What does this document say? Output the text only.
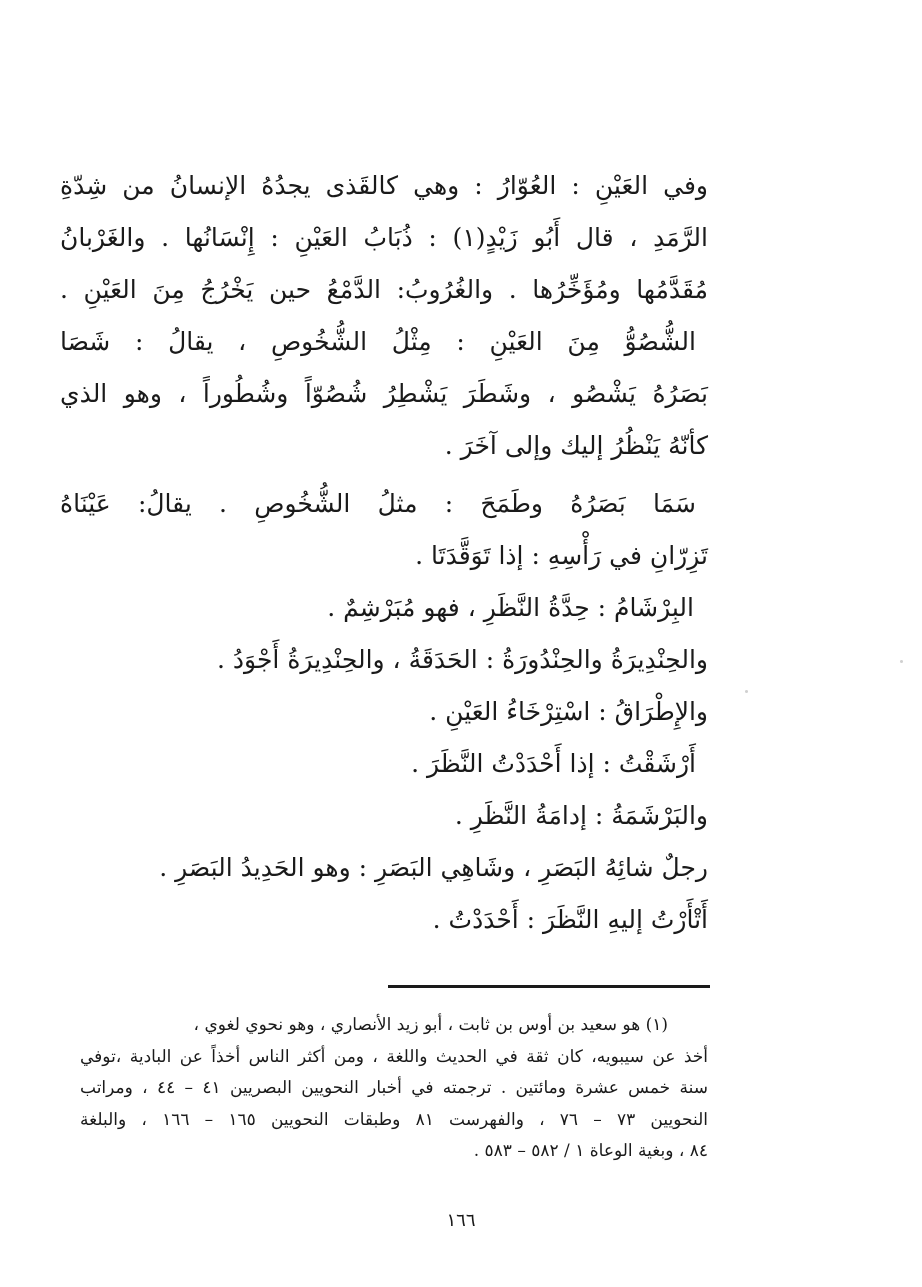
وفي العَيْنِ : العُوّارُ : وهي كالقَذى يجدُهُ الإنسانُ من شِدّةِ
الرَّمَدِ ، قال أَبُو زَيْدٍ(١) : ذُبَابُ العَيْنِ : إِنْسَانُها . والغَرْبانُ
مُقَدَّمُها ومُؤَخِّرُها . والغُرُوبُ: الدَّمْعُ حين يَخْرُجُ مِنَ العَيْنِ .
الشُّصُوُّ مِنَ العَيْنِ : مِثْلُ الشُّخُوصِ ، يقالُ : شَصَا
بَصَرُهُ يَشْصُو ، وشَطَرَ يَشْطِرُ شُصُوّاً وشُطُوراً ، وهو الذي
كأنّهُ يَنْظُرُ إليك وإلى آخَرَ .
سَمَا بَصَرُهُ وطَمَحَ : مثلُ الشُّخُوصِ . يقالُ: عَيْنَاهُ
تَزِرّانِ في رَأْسِهِ : إذا تَوَقَّدَتَا .
البِرْشَامُ : حِدَّةُ النَّظَرِ ، فهو مُبَرْشِمٌ .
والحِنْدِيرَةُ والحِنْدُورَةُ : الحَدَقَةُ ، والحِنْدِيرَةُ أَجْوَدُ .
والإِطْرَاقُ : اسْتِرْخَاءُ العَيْنِ .
أَرْشَقْتُ : إذا أَحْدَدْتُ النَّظَرَ .
والبَرْشَمَةُ : إدامَةُ النَّظَرِ .
رجلٌ شائِهُ البَصَرِ ، وشَاهِي البَصَرِ : وهو الحَدِيدُ البَصَرِ .
أَتْأَرْتُ إليهِ النَّظَرَ : أَحْدَدْتُ .
(١) هو سعيد بن أوس بن ثابت ، أبو زيد الأنصاري ، وهو نحوي لغوي ،
أخذ عن سيبويه، كان ثقة في الحديث واللغة ، ومن أكثر الناس أخذاً عن البادية ،توفي
سنة خمس عشرة ومائتين . ترجمته في أخبار النحويين البصريين ٤١ – ٤٤ ، ومراتب
النحويين ٧٣ – ٧٦ ، والفهرست ٨١ وطبقات النحويين ١٦٥ – ١٦٦ ، والبلغة
٨٤ ، وبغية الوعاة ١ / ٥٨٢ – ٥٨٣ .
١٦٦
